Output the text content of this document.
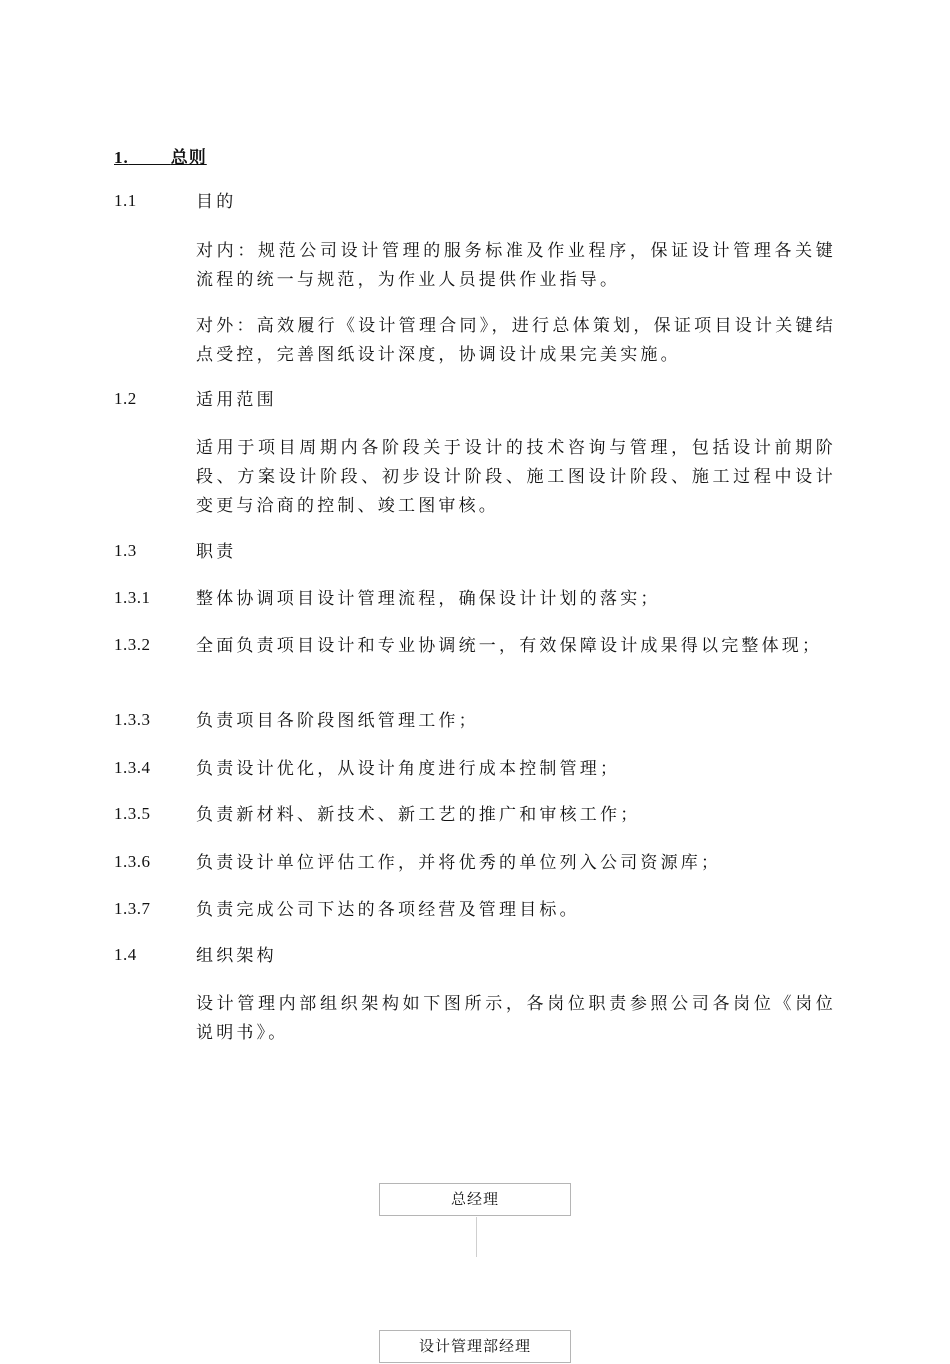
1. 总则
1.1	目的
对内：规范公司设计管理的服务标准及作业程序，保证设计管理各关键流程的统一与规范，为作业人员提供作业指导。
对外：高效履行《设计管理合同》，进行总体策划，保证项目设计关键结点受控，完善图纸设计深度，协调设计成果完美实施。
1.2	适用范围
适用于项目周期内各阶段关于设计的技术咨询与管理，包括设计前期阶段、方案设计阶段、初步设计阶段、施工图设计阶段、施工过程中设计变更与洽商的控制、竣工图审核。
1.3	职责
1.3.1	整体协调项目设计管理流程，确保设计计划的落实；
1.3.2	全面负责项目设计和专业协调统一，有效保障设计成果得以完整体现；
1.3.3	负责项目各阶段图纸管理工作；
1.3.4	负责设计优化，从设计角度进行成本控制管理；
1.3.5	负责新材料、新技术、新工艺的推广和审核工作；
1.3.6	负责设计单位评估工作，并将优秀的单位列入公司资源库；
1.3.7	负责完成公司下达的各项经营及管理目标。
1.4	组织架构
设计管理内部组织架构如下图所示，各岗位职责参照公司各岗位《岗位说明书》。
总经理
设计管理部经理
